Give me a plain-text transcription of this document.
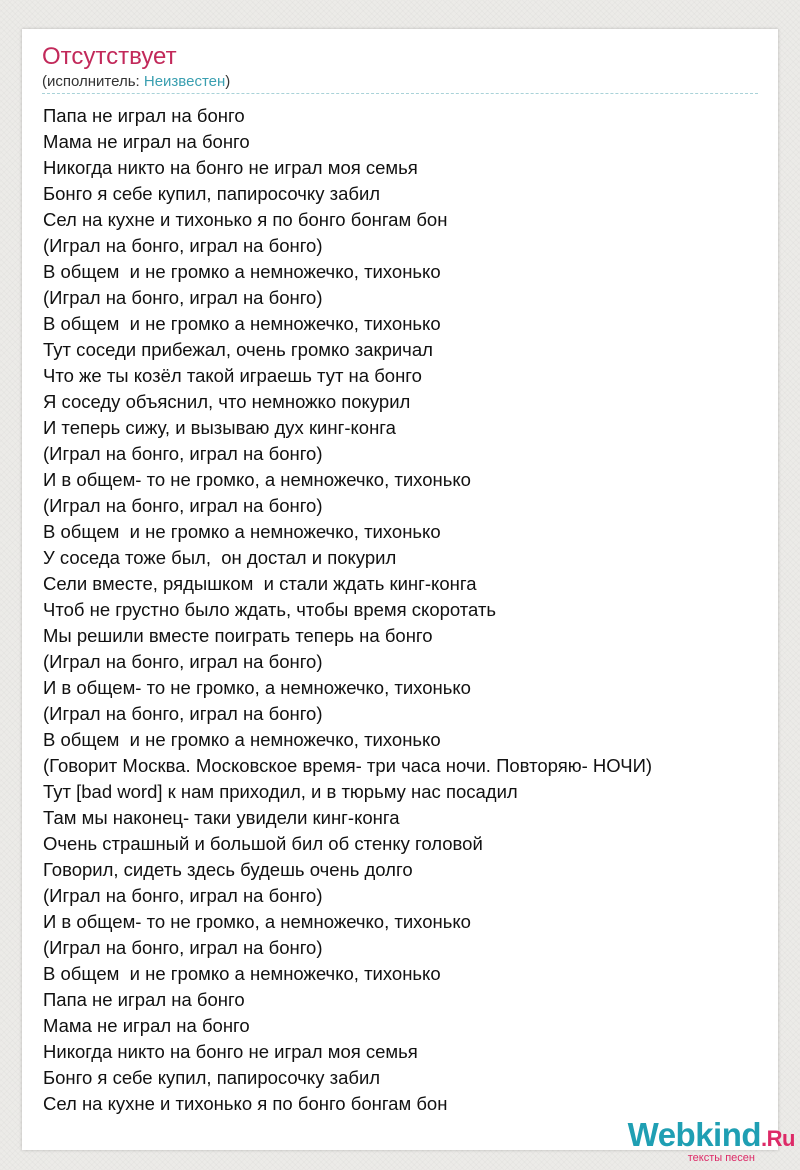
Отсутствует
(исполнитель: Неизвестен)
Папа не играл на бонго
Мама не играл на бонго
Никогда никто на бонго не играл моя семья
Бонго я себе купил, папиросочку забил
Сел на кухне и тихонько я по бонго бонгам бон
(Играл на бонго, играл на бонго)
В общем  и не громко а немножечко, тихонько
(Играл на бонго, играл на бонго)
В общем  и не громко а немножечко, тихонько
Тут соседи прибежал, очень громко закричал
Что же ты козёл такой играешь тут на бонго
Я соседу объяснил, что немножко покурил
И теперь сижу, и вызываю дух кинг-конга
(Играл на бонго, играл на бонго)
И в общем- то не громко, а немножечко, тихонько
(Играл на бонго, играл на бонго)
В общем  и не громко а немножечко, тихонько
У соседа тоже был,  он достал и покурил
Сели вместе, рядышком  и стали ждать кинг-конга
Чтоб не грустно было ждать, чтобы время скоротать
Мы решили вместе поиграть теперь на бонго
(Играл на бонго, играл на бонго)
И в общем- то не громко, а немножечко, тихонько
(Играл на бонго, играл на бонго)
В общем  и не громко а немножечко, тихонько
(Говорит Москва. Московское время- три часа ночи. Повторяю- НОЧИ)
Тут [bad word] к нам приходил, и в тюрьму нас посадил
Там мы наконец- таки увидели кинг-конга
Очень страшный и большой бил об стенку головой
Говорил, сидеть здесь будешь очень долго
(Играл на бонго, играл на бонго)
И в общем- то не громко, а немножечко, тихонько
(Играл на бонго, играл на бонго)
В общем  и не громко а немножечко, тихонько
Папа не играл на бонго
Мама не играл на бонго
Никогда никто на бонго не играл моя семья
Бонго я себе купил, папиросочку забил
Сел на кухне и тихонько я по бонго бонгам бон
Webkind.Ru
тексты песен
